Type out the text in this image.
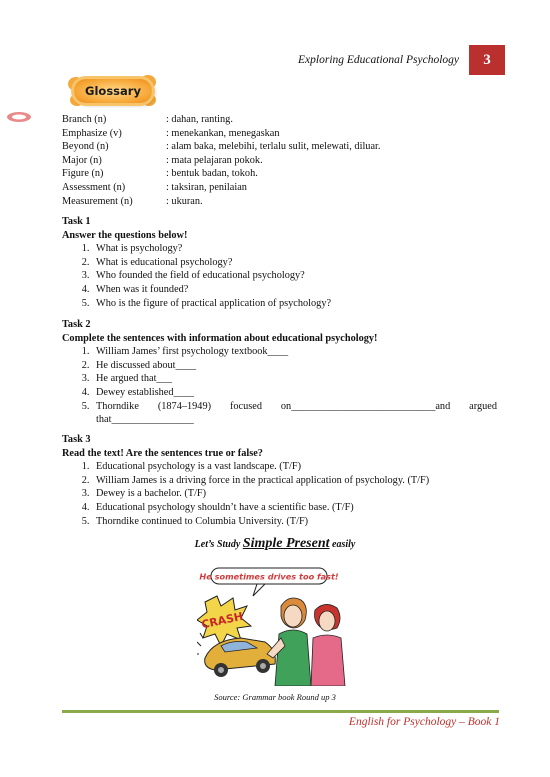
Exploring Educational Psychology	3
Glossary
Branch (n)	: dahan, ranting.
Emphasize (v)	: menekankan, menegaskan
Beyond (n)	: alam baka, melebihi, terlalu sulit, melewati, diluar.
Major (n)	: mata pelajaran pokok.
Figure (n)	: bentuk badan, tokoh.
Assessment (n)	: taksiran, penilaian
Measurement (n)	: ukuran.
Task 1
Answer the questions below!
1. What is psychology?
2. What is educational psychology?
3. Who founded the field of educational psychology?
4. When was it founded?
5. Who is the figure of practical application of psychology?
Task 2
Complete the sentences with information about educational psychology!
1. William James’ first psychology textbook____
2. He discussed about____
3. He argued that___
4. Dewey established____
5. Thorndike (1874–1949) focused on____________________________and argued
that________________
Task 3
Read the text! Are the sentences true or false?
1. Educational psychology is a vast landscape. (T/F)
2. William James is a driving force in the practical application of psychology. (T/F)
3. Dewey is a bachelor. (T/F)
4. Educational psychology shouldn’t have a scientific base. (T/F)
5. Thorndike continued to Columbia University. (T/F)
Let’s Study Simple Present easily
He sometimes drives too fast!
CRASH
Source: Grammar book Round up 3
English for Psychology – Book 1
